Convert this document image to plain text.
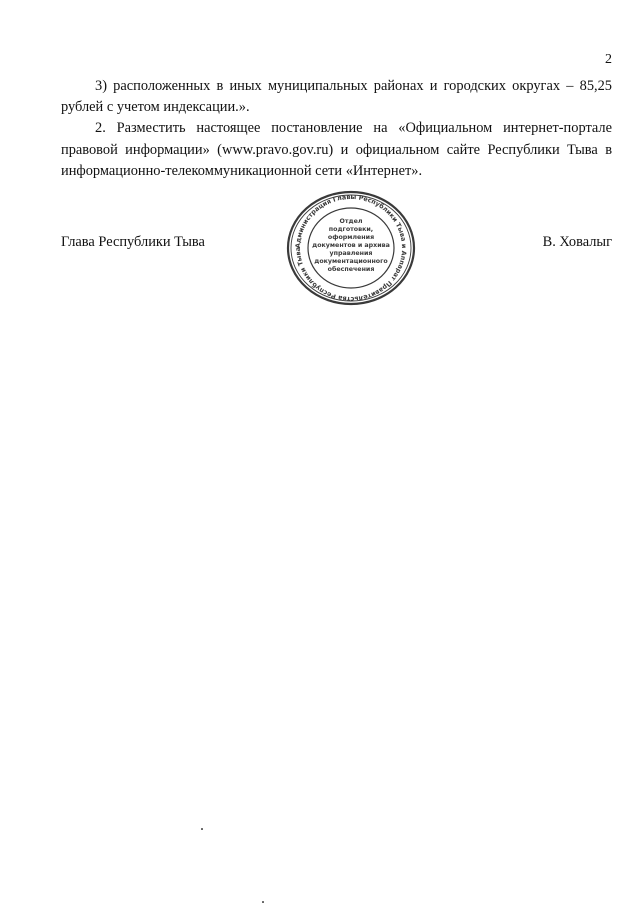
2

3) расположенных в иных муниципальных районах и городских округах – 85,25 рублей с учетом индексации.».

2. Разместить настоящее постановление на «Официальном интернет-портале правовой информации» (www.pravo.gov.ru) и официальном сайте Республики Тыва в информационно-телекоммуникационной сети «Интернет».

Глава Республики Тыва	В. Ховалыг
Администрация Главы Республики Тыва и Аппарат Правительства Республики Тыва
Отдел
подготовки,
оформления
документов и архива
управления
документационного
обеспечения
